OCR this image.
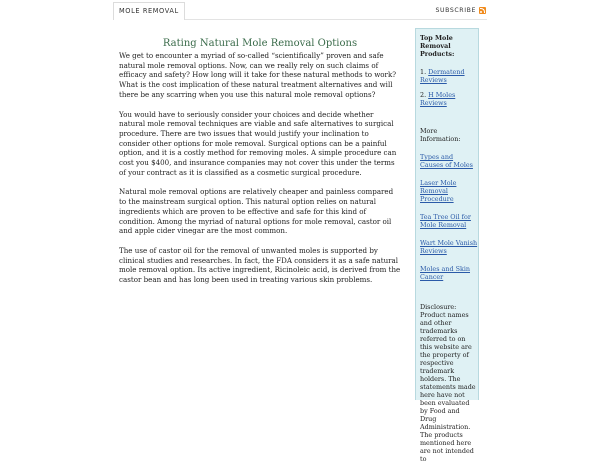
MOLE REMOVAL	SUBSCRIBE
Rating Natural Mole Removal Options

We get to encounter a myriad of so-called “scientifically” proven and safe natural mole removal options. Now, can we really rely on such claims of efficacy and safety? How long will it take for these natural methods to work? What is the cost implication of these natural treatment alternatives and will there be any scarring when you use this natural mole removal options?

You would have to seriously consider your choices and decide whether natural mole removal techniques are viable and safe alternatives to surgical procedure. There are two issues that would justify your inclination to consider other options for mole removal. Surgical options can be a painful option, and it is a costly method for removing moles. A simple procedure can cost you $400, and insurance companies may not cover this under the terms of your contract as it is classified as a cosmetic surgical procedure.

Natural mole removal options are relatively cheaper and painless compared to the mainstream surgical option. This natural option relies on natural ingredients which are proven to be effective and safe for this kind of condition. Among the myriad of natural options for mole removal, castor oil and apple cider vinegar are the most common.

The use of castor oil for the removal of unwanted moles is supported by clinical studies and researches. In fact, the FDA considers it as a safe natural mole removal option. Its active ingredient, Ricinoleic acid, is derived from the castor bean and has long been used in treating various skin problems.

Top Mole Removal Products:
1. Dermatend Reviews
2. H Moles Reviews
More Information:
Types and Causes of Moles
Laser Mole Removal Procedure
Tea Tree Oil for Mole Removal
Wart Mole Vanish Reviews
Moles and Skin Cancer
Disclosure: Product names and other trademarks referred to on this website are the property of respective trademark holders. The statements made here have not been evaluated by Food and Drug Administration. The products mentioned here are not intended to
